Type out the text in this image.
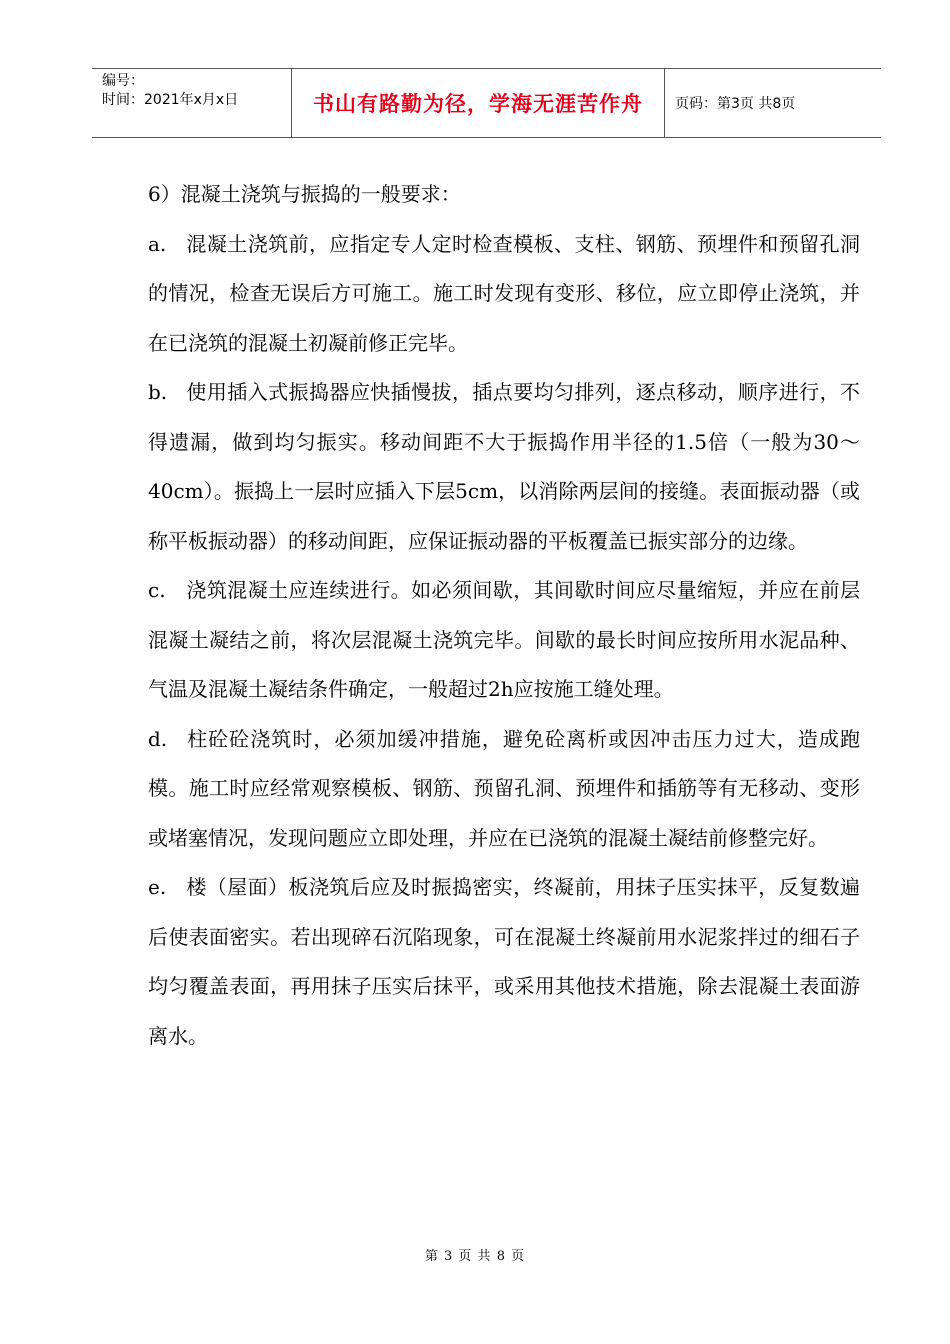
编号：
时间：2021年x月x日	书山有路勤为径，学海无涯苦作舟	页码：第3页 共8页

6）混凝土浇筑与振捣的一般要求：

a. 混凝土浇筑前，应指定专人定时检查模板、支柱、钢筋、预埋件和预留孔洞的情况，检查无误后方可施工。施工时发现有变形、移位，应立即停止浇筑，并在已浇筑的混凝土初凝前修正完毕。

b. 使用插入式振捣器应快插慢拔，插点要均匀排列，逐点移动，顺序进行，不得遗漏，做到均匀振实。移动间距不大于振捣作用半径的1.5倍（一般为30～40cm）。振捣上一层时应插入下层5cm，以消除两层间的接缝。表面振动器（或称平板振动器）的移动间距，应保证振动器的平板覆盖已振实部分的边缘。

c. 浇筑混凝土应连续进行。如必须间歇，其间歇时间应尽量缩短，并应在前层混凝土凝结之前，将次层混凝土浇筑完毕。间歇的最长时间应按所用水泥品种、气温及混凝土凝结条件确定，一般超过2h应按施工缝处理。

d. 柱砼砼浇筑时，必须加缓冲措施，避免砼离析或因冲击压力过大，造成跑模。施工时应经常观察模板、钢筋、预留孔洞、预埋件和插筋等有无移动、变形或堵塞情况，发现问题应立即处理，并应在已浇筑的混凝土凝结前修整完好。

e. 楼（屋面）板浇筑后应及时振捣密实，终凝前，用抹子压实抹平，反复数遍后使表面密实。若出现碎石沉陷现象，可在混凝土终凝前用水泥浆拌过的细石子均匀覆盖表面，再用抹子压实后抹平，或采用其他技术措施，除去混凝土表面游离水。

第 3 页 共 8 页
